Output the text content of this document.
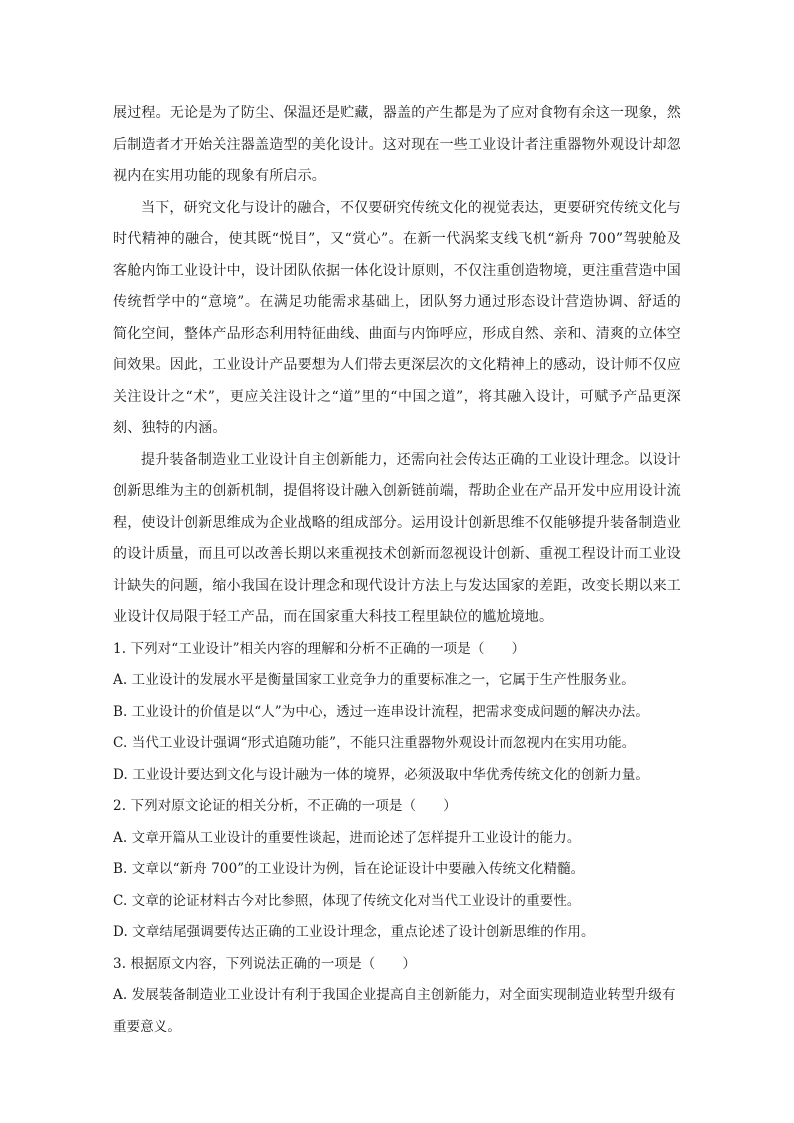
展过程。无论是为了防尘、保温还是贮藏，器盖的产生都是为了应对食物有余这一现象，然后制造者才开始关注器盖造型的美化设计。这对现在一些工业设计者注重器物外观设计却忽视内在实用功能的现象有所启示。

当下，研究文化与设计的融合，不仅要研究传统文化的视觉表达，更要研究传统文化与时代精神的融合，使其既“悦目”，又“赏心”。在新一代涡桨支线飞机“新舟 700”驾驶舱及客舱内饰工业设计中，设计团队依据一体化设计原则，不仅注重创造物境，更注重营造中国传统哲学中的“意境”。在满足功能需求基础上，团队努力通过形态设计营造协调、舒适的简化空间，整体产品形态利用特征曲线、曲面与内饰呼应，形成自然、亲和、清爽的立体空间效果。因此，工业设计产品要想为人们带去更深层次的文化精神上的感动，设计师不仅应关注设计之“术”，更应关注设计之“道”里的“中国之道”，将其融入设计，可赋予产品更深刻、独特的内涵。

提升装备制造业工业设计自主创新能力，还需向社会传达正确的工业设计理念。以设计创新思维为主的创新机制，提倡将设计融入创新链前端，帮助企业在产品开发中应用设计流程，使设计创新思维成为企业战略的组成部分。运用设计创新思维不仅能够提升装备制造业的设计质量，而且可以改善长期以来重视技术创新而忽视设计创新、重视工程设计而工业设计缺失的问题，缩小我国在设计理念和现代设计方法上与发达国家的差距，改变长期以来工业设计仅局限于轻工产品，而在国家重大科技工程里缺位的尴尬境地。

1. 下列对“工业设计”相关内容的理解和分析不正确的一项是（　　）

A. 工业设计的发展水平是衡量国家工业竞争力的重要标准之一，它属于生产性服务业。

B. 工业设计的价值是以“人”为中心，透过一连串设计流程，把需求变成问题的解决办法。

C. 当代工业设计强调“形式追随功能”，不能只注重器物外观设计而忽视内在实用功能。

D. 工业设计要达到文化与设计融为一体的境界，必须汲取中华优秀传统文化的创新力量。

2. 下列对原文论证的相关分析，不正确的一项是（　　）

A. 文章开篇从工业设计的重要性谈起，进而论述了怎样提升工业设计的能力。

B. 文章以“新舟 700”的工业设计为例，旨在论证设计中要融入传统文化精髓。

C. 文章的论证材料古今对比参照，体现了传统文化对当代工业设计的重要性。

D. 文章结尾强调要传达正确的工业设计理念，重点论述了设计创新思维的作用。

3. 根据原文内容，下列说法正确的一项是（　　）

A. 发展装备制造业工业设计有利于我国企业提高自主创新能力，对全面实现制造业转型升级有重要意义。
